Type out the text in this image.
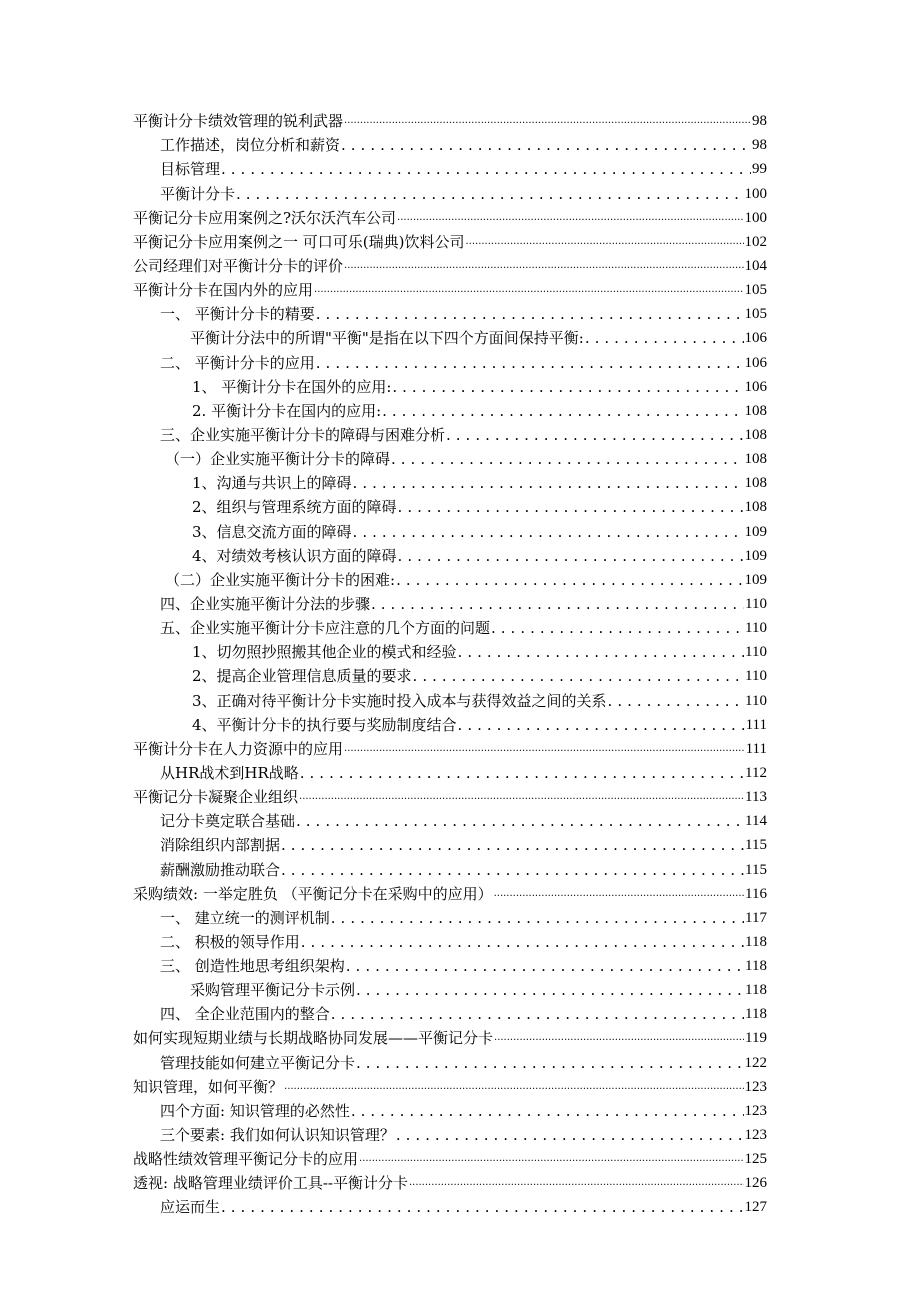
平衡计分卡绩效管理的锐利武器 .....	98
工作描述，岗位分析和薪资 .....	98
目标管理 .....	99
平衡计分卡 .....	100
平衡记分卡应用案例之?沃尔沃汽车公司 .....	100
平衡记分卡应用案例之一 可口可乐(瑞典)饮料公司 .....	102
公司经理们对平衡计分卡的评价 .....	104
平衡计分卡在国内外的应用 .....	105
一、 平衡计分卡的精要 .....	105
平衡计分法中的所谓"平衡"是指在以下四个方面间保持平衡: .....	106
二、 平衡计分卡的应用 .....	106
1、 平衡计分卡在国外的应用: .....	106
2. 平衡计分卡在国内的应用: .....	108
三、企业实施平衡计分卡的障碍与困难分析 .....	108
（一）企业实施平衡计分卡的障碍 .....	108
1、沟通与共识上的障碍 .....	108
2、组织与管理系统方面的障碍 .....	108
3、信息交流方面的障碍 .....	109
4、对绩效考核认识方面的障碍 .....	109
（二）企业实施平衡计分卡的困难: .....	109
四、企业实施平衡计分法的步骤 .....	110
五、企业实施平衡计分卡应注意的几个方面的问题 .....	110
1、切勿照抄照搬其他企业的模式和经验 .....	110
2、提高企业管理信息质量的要求 .....	110
3、正确对待平衡计分卡实施时投入成本与获得效益之间的关系 .....	110
4、平衡计分卡的执行要与奖励制度结合 .....	111
平衡计分卡在人力资源中的应用 .....	111
从HR战术到HR战略 .....	112
平衡记分卡凝聚企业组织 .....	113
记分卡奠定联合基础 .....	114
消除组织内部割据 .....	115
薪酬激励推动联合 .....	115
采购绩效: 一举定胜负 （平衡记分卡在采购中的应用） .....	116
一、 建立统一的测评机制 .....	117
二、 积极的领导作用 .....	118
三、 创造性地思考组织架构 .....	118
采购管理平衡记分卡示例 .....	118
四、 全企业范围内的整合 .....	118
如何实现短期业绩与长期战略协同发展——平衡记分卡 .....	119
管理技能如何建立平衡记分卡 .....	122
知识管理，如何平衡？ .....	123
四个方面: 知识管理的必然性 .....	123
三个要素: 我们如何认识知识管理？ .....	123
战略性绩效管理平衡记分卡的应用 .....	125
透视: 战略管理业绩评价工具--平衡计分卡 .....	126
应运而生 .....	127
